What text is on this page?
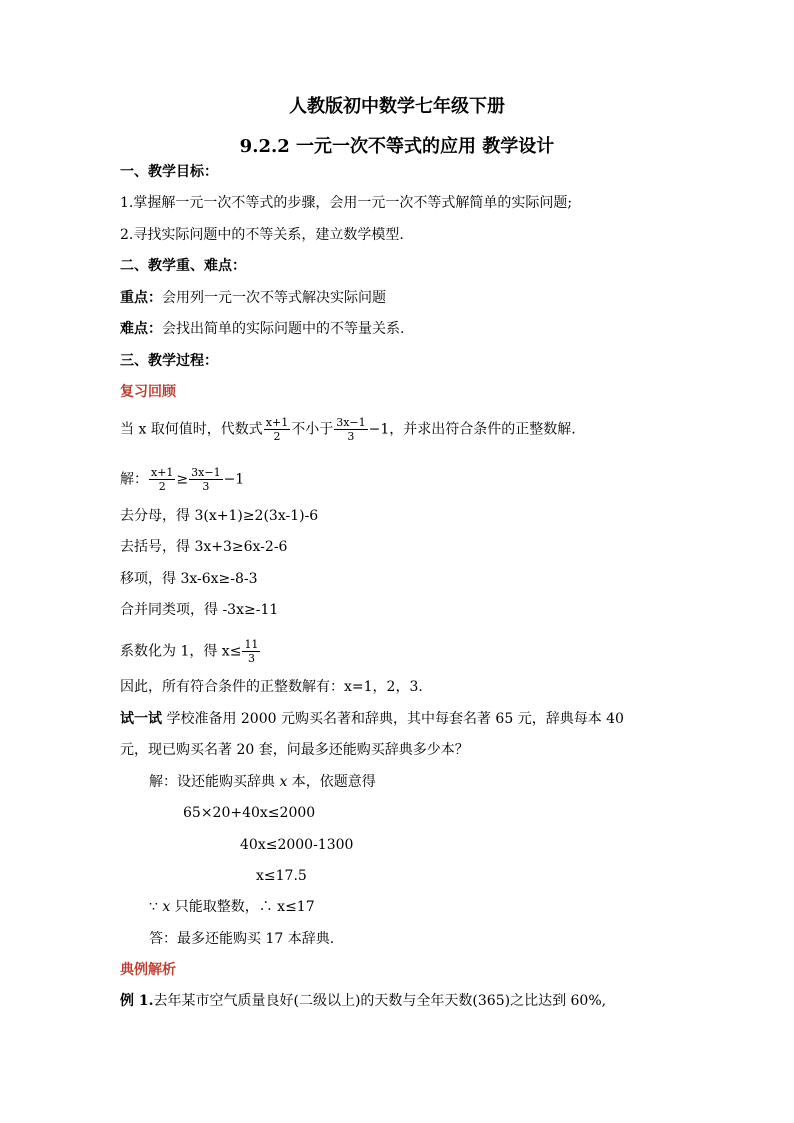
人教版初中数学七年级下册
9.2.2 一元一次不等式的应用 教学设计
一、教学目标：
1.掌握解一元一次不等式的步骤，会用一元一次不等式解简单的实际问题;
2.寻找实际问题中的不等关系，建立数学模型.
二、教学重、难点：
重点：会用列一元一次不等式解决实际问题
难点：会找出简单的实际问题中的不等量关系.
三、教学过程：
复习回顾
当 x 取何值时，代数式 $\frac{x+1}{2}$ 不小于 $\frac{3x-1}{3} -1$，并求出符合条件的正整数解.
解： $\frac{x+1}{2} \ge \frac{3x-1}{3} -1$
去分母，得 3(x+1)≥2(3x-1)-6
去括号，得 3x+3≥6x-2-6
移项，得 3x-6x≥-8-3
合并同类项，得 -3x≥-11
系数化为 1，得 $x\le \frac{11}{3}$
因此，所有符合条件的正整数解有：x=1，2，3.
试一试 学校准备用 2000 元购买名著和辞典，其中每套名著 65 元，辞典每本 40
元，现已购买名著 20 套，问最多还能购买辞典多少本？
解：设还能购买辞典 x 本，依题意得
65×20+40x≤2000
40x≤2000-1300
x≤17.5
∵ x 只能取整数，∴ x≤17
答：最多还能购买 17 本辞典.
典例解析
例 1.去年某市空气质量良好(二级以上)的天数与全年天数(365)之比达到 60%,
